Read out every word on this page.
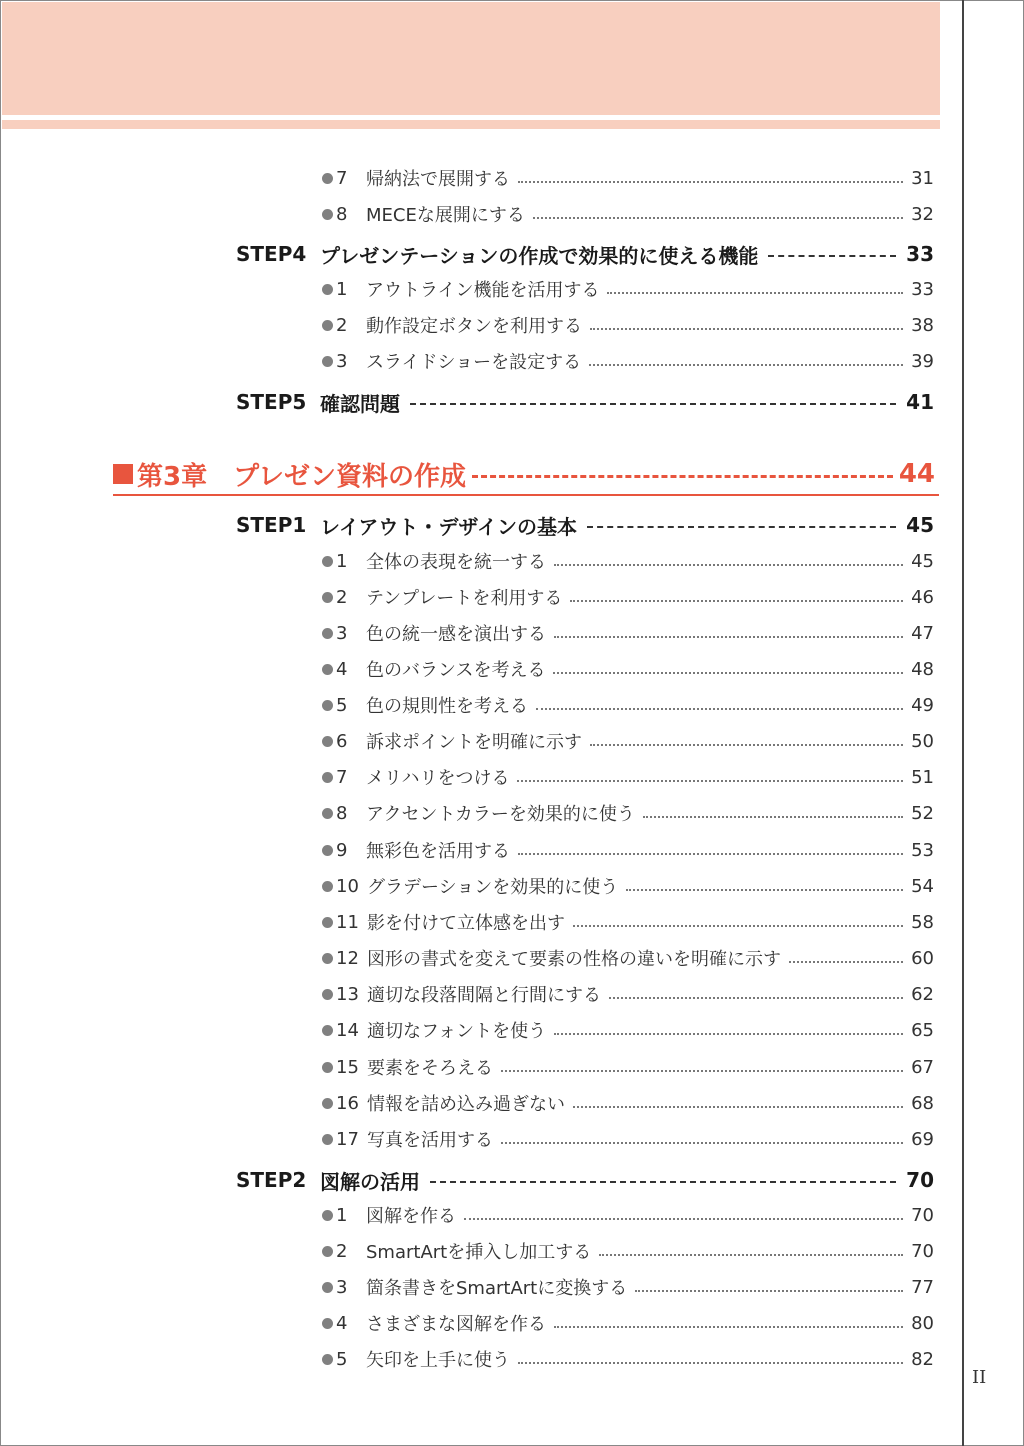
II
7	帰納法で展開する	31
8	MECEな展開にする	32
STEP4 プレゼンテーションの作成で効果的に使える機能	33
1	アウトライン機能を活用する	33
2	動作設定ボタンを利用する	38
3	スライドショーを設定する	39
STEP5 確認問題	41
第3章 プレゼン資料の作成	44
STEP1 レイアウト・デザインの基本	45
1	全体の表現を統一する	45
2	テンプレートを利用する	46
3	色の統一感を演出する	47
4	色のバランスを考える	48
5	色の規則性を考える	49
6	訴求ポイントを明確に示す	50
7	メリハリをつける	51
8	アクセントカラーを効果的に使う	52
9	無彩色を活用する	53
10 グラデーションを効果的に使う	54
11 影を付けて立体感を出す	58
12 図形の書式を変えて要素の性格の違いを明確に示す	60
13 適切な段落間隔と行間にする	62
14 適切なフォントを使う	65
15 要素をそろえる	67
16 情報を詰め込み過ぎない	68
17 写真を活用する	69
STEP2 図解の活用	70
1	図解を作る	70
2	SmartArtを挿入し加工する	70
3	箇条書きをSmartArtに変換する	77
4	さまざまな図解を作る	80
5	矢印を上手に使う	82
